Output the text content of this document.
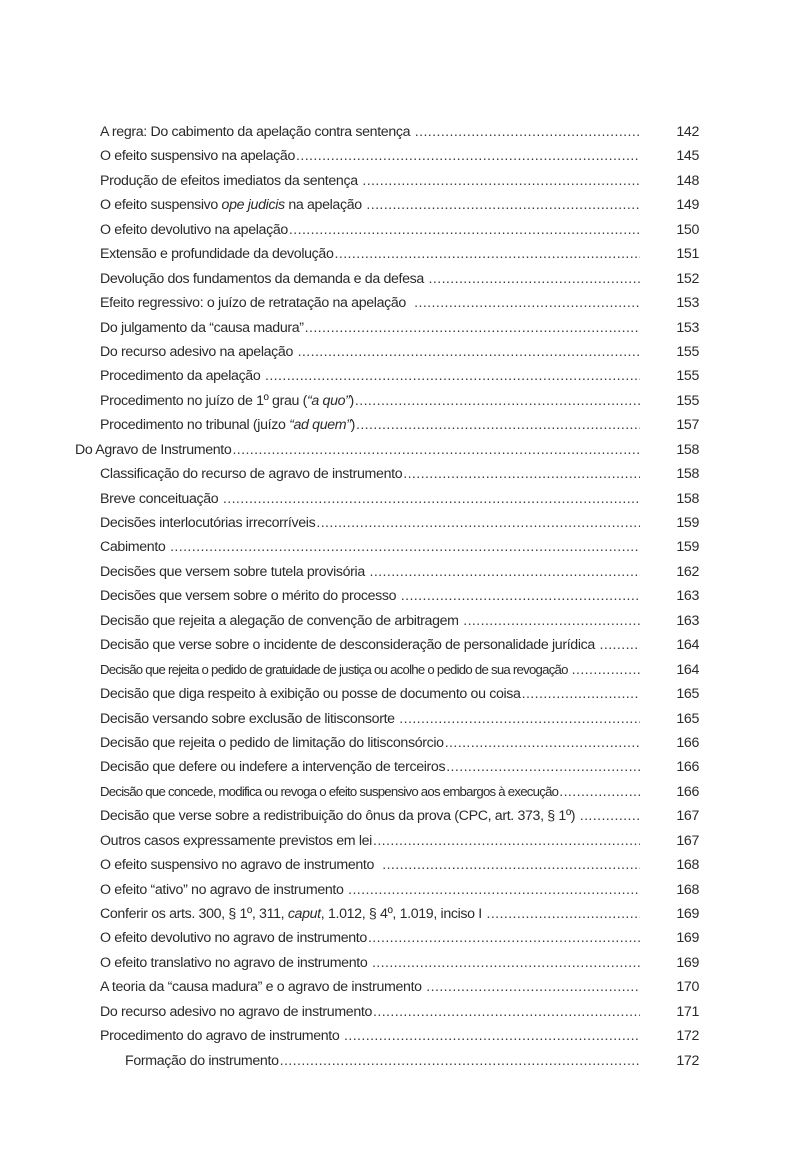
A regra: Do cabimento da apelação contra sentença .....	142
O efeito suspensivo na apelação .....	145
Produção de efeitos imediatos da sentença .....	148
O efeito suspensivo ope judicis na apelação .....	149
O efeito devolutivo na apelação .....	150
Extensão e profundidade da devolução .....	151
Devolução dos fundamentos da demanda e da defesa .....	152
Efeito regressivo: o juízo de retratação na apelação .....	153
Do julgamento da “causa madura” .....	153
Do recurso adesivo na apelação .....	155
Procedimento da apelação .....	155
Procedimento no juízo de 1º grau (“a quo”) .....	155
Procedimento no tribunal (juízo “ad quem”) .....	157
Do Agravo de Instrumento .....	158
Classificação do recurso de agravo de instrumento .....	158
Breve conceituação .....	158
Decisões interlocutórias irrecorríveis .....	159
Cabimento .....	159
Decisões que versem sobre tutela provisória .....	162
Decisões que versem sobre o mérito do processo .....	163
Decisão que rejeita a alegação de convenção de arbitragem .....	163
Decisão que verse sobre o incidente de desconsideração de personalidade jurídica .....	164
Decisão que rejeita o pedido de gratuidade de justiça ou acolhe o pedido de sua revogação .....	164
Decisão que diga respeito à exibição ou posse de documento ou coisa .....	165
Decisão versando sobre exclusão de litisconsorte .....	165
Decisão que rejeita o pedido de limitação do litisconsórcio .....	166
Decisão que defere ou indefere a intervenção de terceiros .....	166
Decisão que concede, modifica ou revoga o efeito suspensivo aos embargos à execução .....	166
Decisão que verse sobre a redistribuição do ônus da prova (CPC, art. 373, § 1º) .....	167
Outros casos expressamente previstos em lei .....	167
O efeito suspensivo no agravo de instrumento .....	168
O efeito “ativo” no agravo de instrumento .....	168
Conferir os arts. 300, § 1º, 311, caput, 1.012, § 4º, 1.019, inciso I .....	169
O efeito devolutivo no agravo de instrumento .....	169
O efeito translativo no agravo de instrumento .....	169
A teoria da “causa madura” e o agravo de instrumento .....	170
Do recurso adesivo no agravo de instrumento .....	171
Procedimento do agravo de instrumento .....	172
Formação do instrumento .....	172
